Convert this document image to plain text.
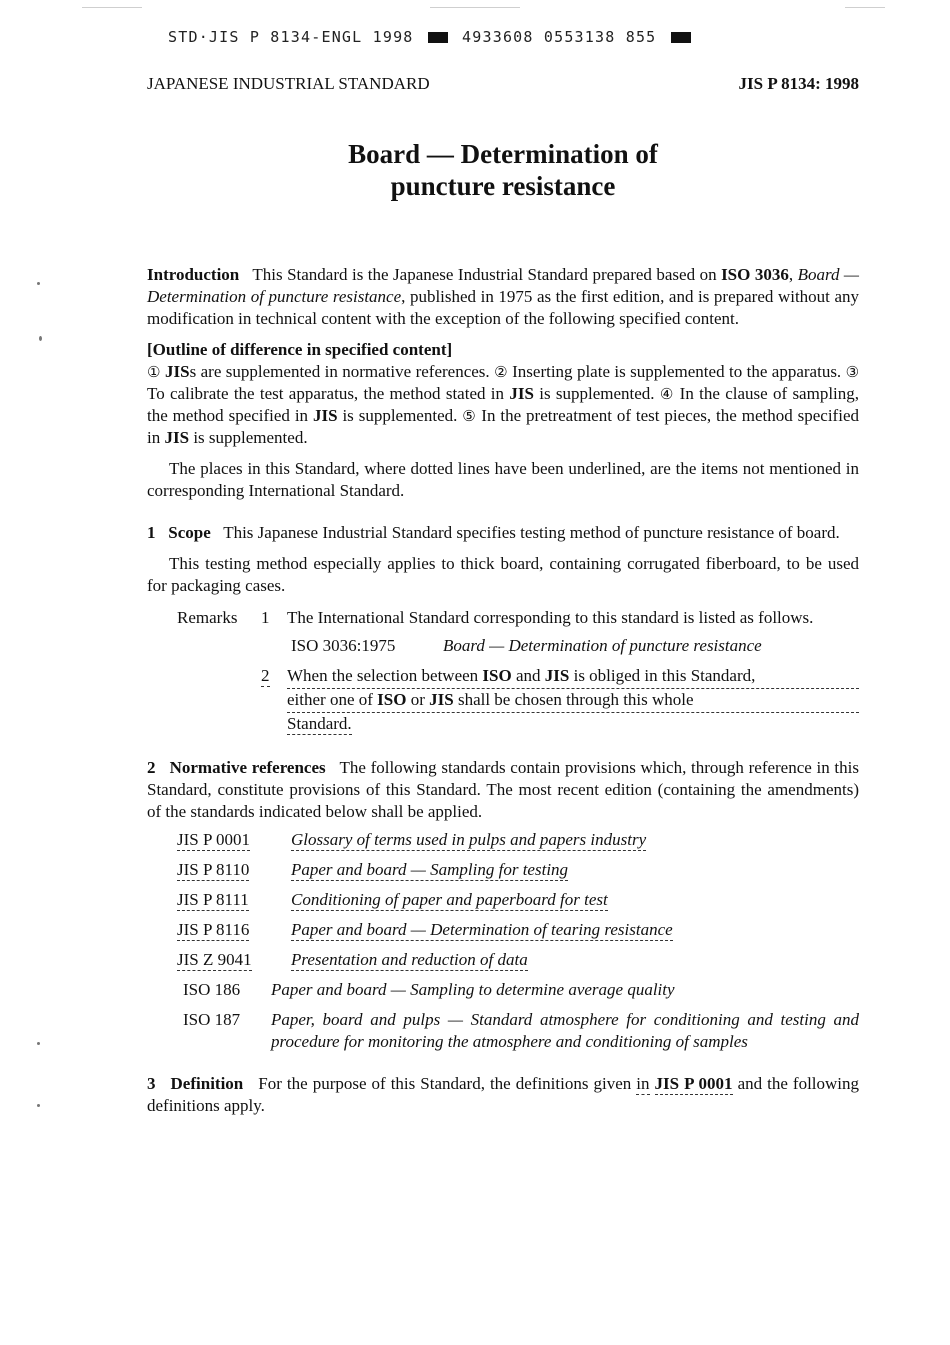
STD·JIS P 8134-ENGL 1998	4933608 0553138 855
JAPANESE INDUSTRIAL STANDARD	JIS P 8134: 1998
Board — Determination of
puncture resistance

Introduction This Standard is the Japanese Industrial Standard prepared based on ISO 3036, Board — Determination of puncture resistance, published in 1975 as the first edition, and is prepared without any modification in technical content with the exception of the following specified content.

[Outline of difference in specified content]

① JISs are supplemented in normative references. ② Inserting plate is supplemented to the apparatus. ③ To calibrate the test apparatus, the method stated in JIS is supplemented. ④ In the clause of sampling, the method specified in JIS is supplemented. ⑤ In the pretreatment of test pieces, the method specified in JIS is supplemented.

The places in this Standard, where dotted lines have been underlined, are the items not mentioned in corresponding International Standard.

1 Scope This Japanese Industrial Standard specifies testing method of puncture resistance of board.

This testing method especially applies to thick board, containing corrugated fiberboard, to be used for packaging cases.

Remarks	1	The International Standard corresponding to this standard is listed as follows.
ISO 3036:1975	Board — Determination of puncture resistance
2	When the selection between ISO and JIS is obliged in this Standard,
either one of ISO or JIS shall be chosen through this whole
Standard.

2 Normative references The following standards contain provisions which, through reference in this Standard, constitute provisions of this Standard. The most recent edition (containing the amendments) of the standards indicated below shall be applied.

JIS P 0001	Glossary of terms used in pulps and papers industry
JIS P 8110	Paper and board — Sampling for testing
JIS P 8111	Conditioning of paper and paperboard for test
JIS P 8116	Paper and board — Determination of tearing resistance
JIS Z 9041	Presentation and reduction of data
ISO 186	Paper and board — Sampling to determine average quality
ISO 187	Paper, board and pulps — Standard atmosphere for conditioning and testing and procedure for monitoring the atmosphere and conditioning of samples

3 Definition For the purpose of this Standard, the definitions given in JIS P 0001 and the following definitions apply.
